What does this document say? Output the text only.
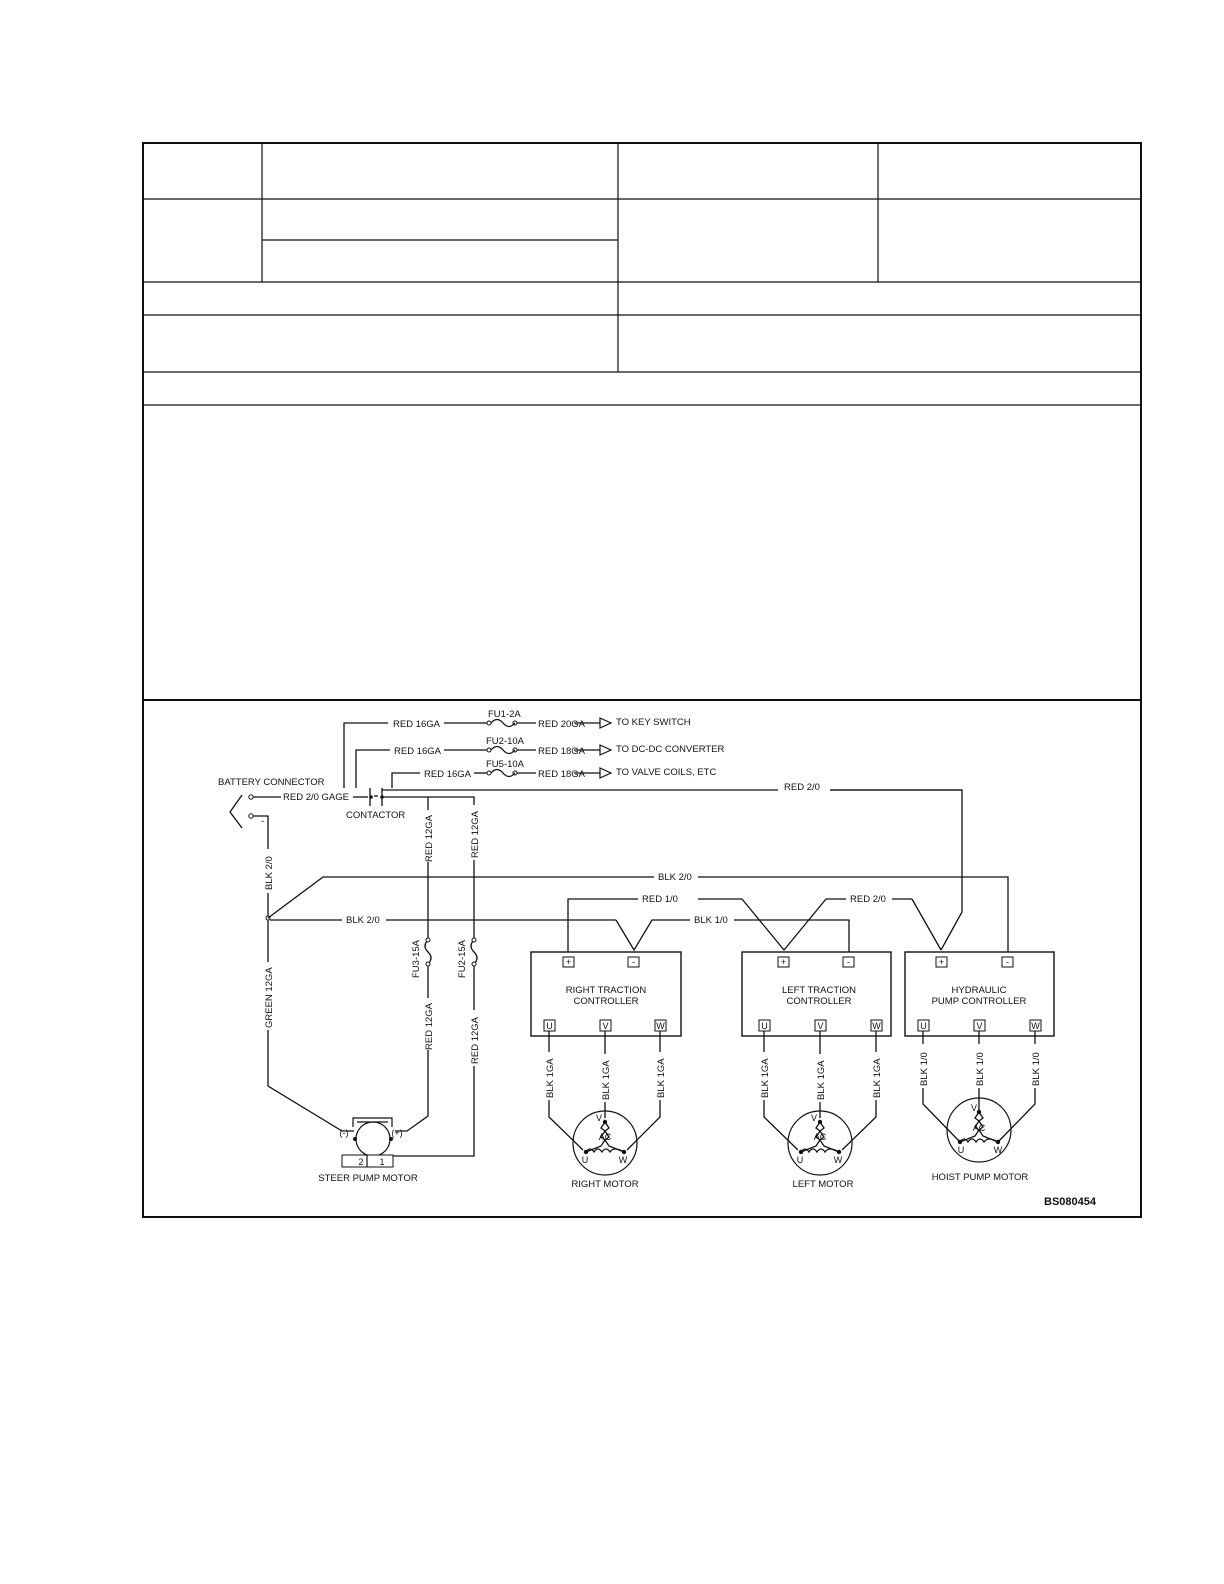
RED 16GA
RED 16GA
RED 16GA
RED 20GA
RED 18GA
RED 18GA
FU1-2A
FU2-10A
FU5-10A
TO KEY SWITCH
TO DC-DC CONVERTER
TO VALVE COILS, ETC
-
BATTERY CONNECTOR
RED 2/0 GAGE
CONTACTOR
RED 2/0
RED 12GA	RED 12GA
RED 12GA	RED 12GA
FU3-15A	FU2-15A
BLK 2/0	BLK 2/0
BLK 2/0	BLK 1/0
GREEN 12GA
RED 1/0	RED 2/0
+	-
U	V	W
+	-
U	V	W
+	-
U	V	W
RIGHT TRACTION
CONTROLLER
LEFT TRACTION
CONTROLLER
HYDRAULIC
PUMP CONTROLLER
BLK 1GA	BLK 1GA	BLK 1GA	BLK 1GA	BLK 1GA	BLK 1GA	BLK 1/0	BLK 1/0	BLK 1/0
V
AC
U	W
V
AC
U	W
V
AC
U	W
(-)	(+)
2 1
STEER PUMP MOTOR
RIGHT MOTOR	LEFT MOTOR
HOIST PUMP MOTOR
BS080454
